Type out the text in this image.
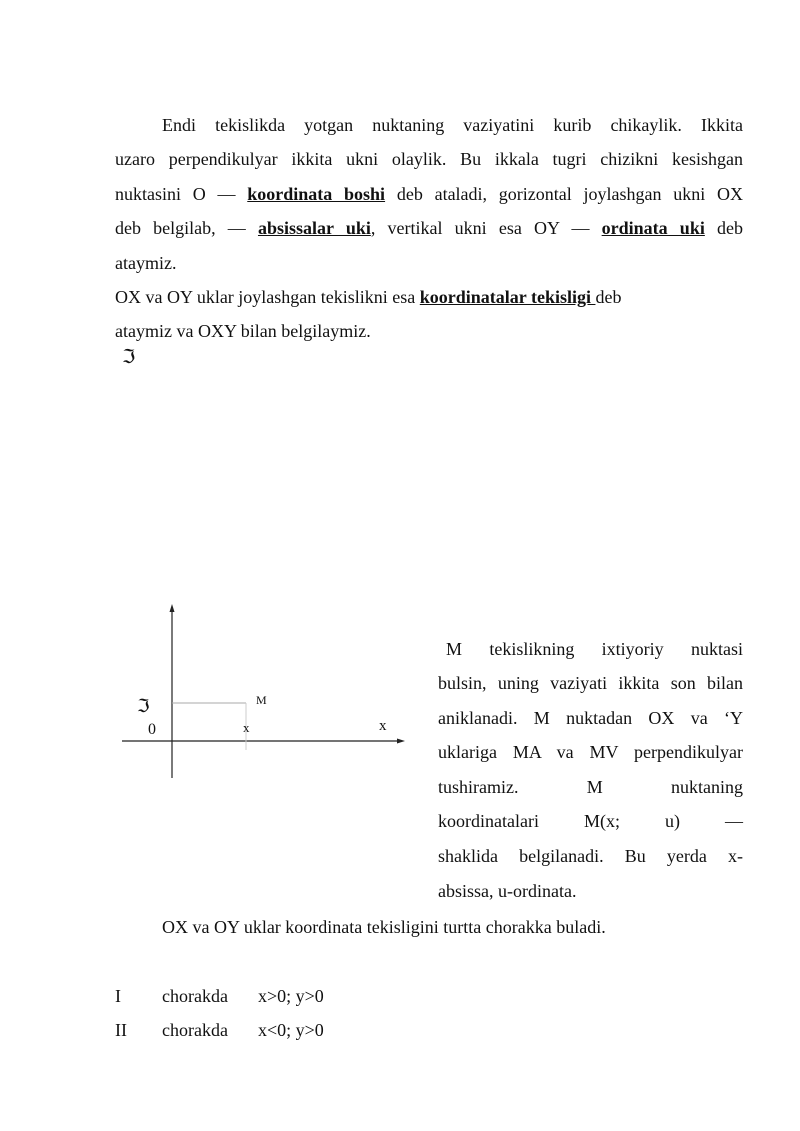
Endi tekislikda yotgan nuktaning vaziyatini kurib chikaylik. Ikkita
uzaro perpendikulyar ikkita ukni olaylik. Bu ikkala tugri chizikni kesishgan
nuktasini O — koordinata boshi deb ataladi, gorizontal joylashgan ukni OX
deb belgilab, — absissalar uki, vertikal ukni esa OY — ordinata uki deb
ataymiz.
OX va OY uklar joylashgan tekislikni esa koordinatalar tekisligi deb
ataymiz va OXY bilan belgilaymiz.
ℑ
ℑ
0	x	x
M
M tekislikning ixtiyoriy nuktasi
bulsin, uning vaziyati ikkita son bilan
aniklanadi. M nuktadan OX va ‘Y
uklariga MA va MV perpendikulyar
tushiramiz. M nuktaning
koordinatalari M(x; u) —
shaklida belgilanadi. Bu yerda x-
absissa, u-ordinata.
OX va OY uklar koordinata tekisligini turtta chorakka buladi.
I chorakda x>0; y>0
II chorakda x<0; y>0
